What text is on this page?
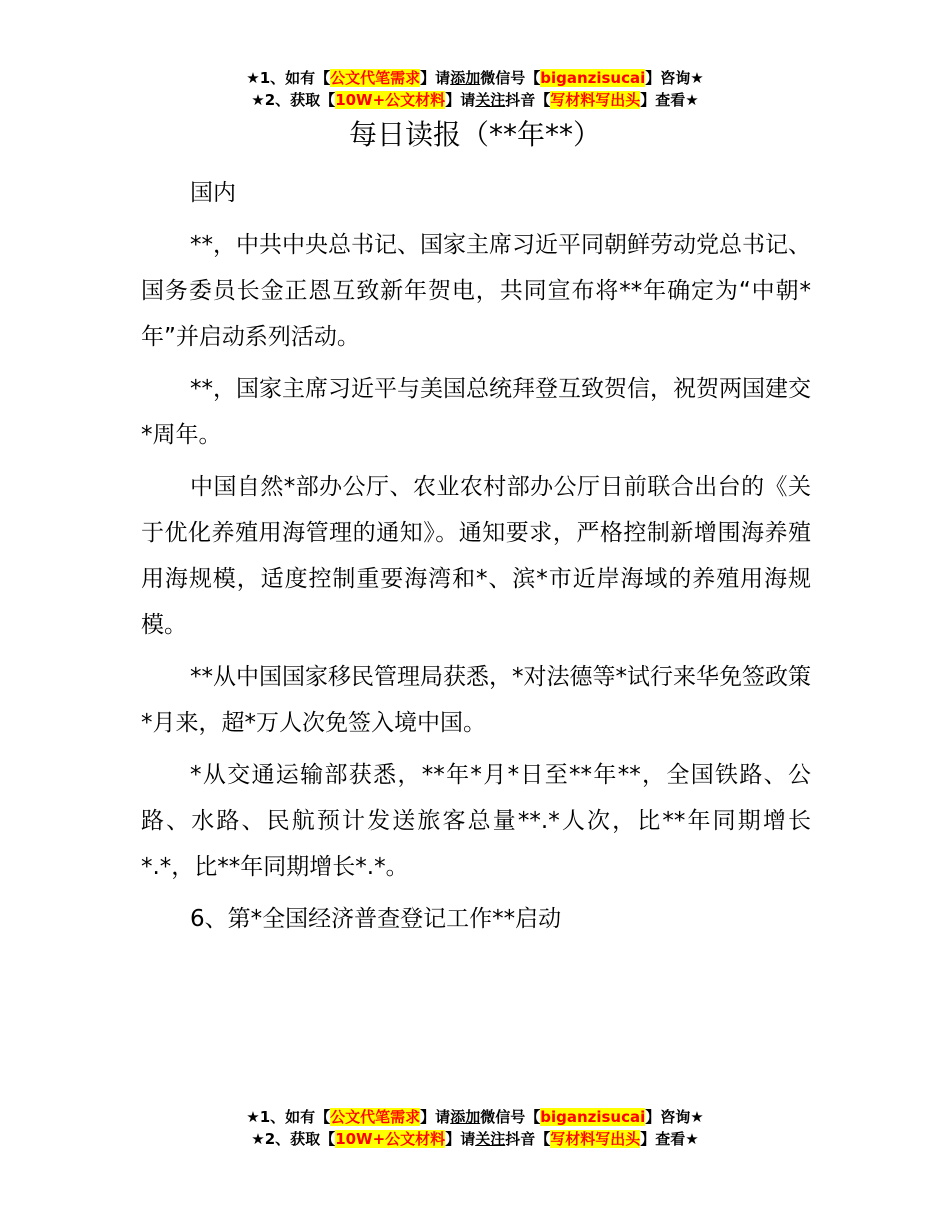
★1、如有【公文代笔需求】请添加微信号【biganzisucai】咨询★
★2、获取【10W+公文材料】请关注抖音【写材料写出头】查看★
每日读报（**年**）

国内

**，中共中央总书记、国家主席习近平同朝鲜劳动党总书记、国务委员长金正恩互致新年贺电，共同宣布将**年确定为“中朝*年”并启动系列活动。

**，国家主席习近平与美国总统拜登互致贺信，祝贺两国建交*周年。

中国自然*部办公厅、农业农村部办公厅日前联合出台的《关于优化养殖用海管理的通知》。通知要求，严格控制新增围海养殖用海规模，适度控制重要海湾和*、滨*市近岸海域的养殖用海规模。

**从中国国家移民管理局获悉，*对法德等*试行来华免签政策*月来，超*万人次免签入境中国。

*从交通运输部获悉，**年*月*日至**年**，全国铁路、公路、水路、民航预计发送旅客总量**.*人次，比**年同期增长*.*，比**年同期增长*.*。

6、第*全国经济普查登记工作**启动

★1、如有【公文代笔需求】请添加微信号【biganzisucai】咨询★
★2、获取【10W+公文材料】请关注抖音【写材料写出头】查看★
